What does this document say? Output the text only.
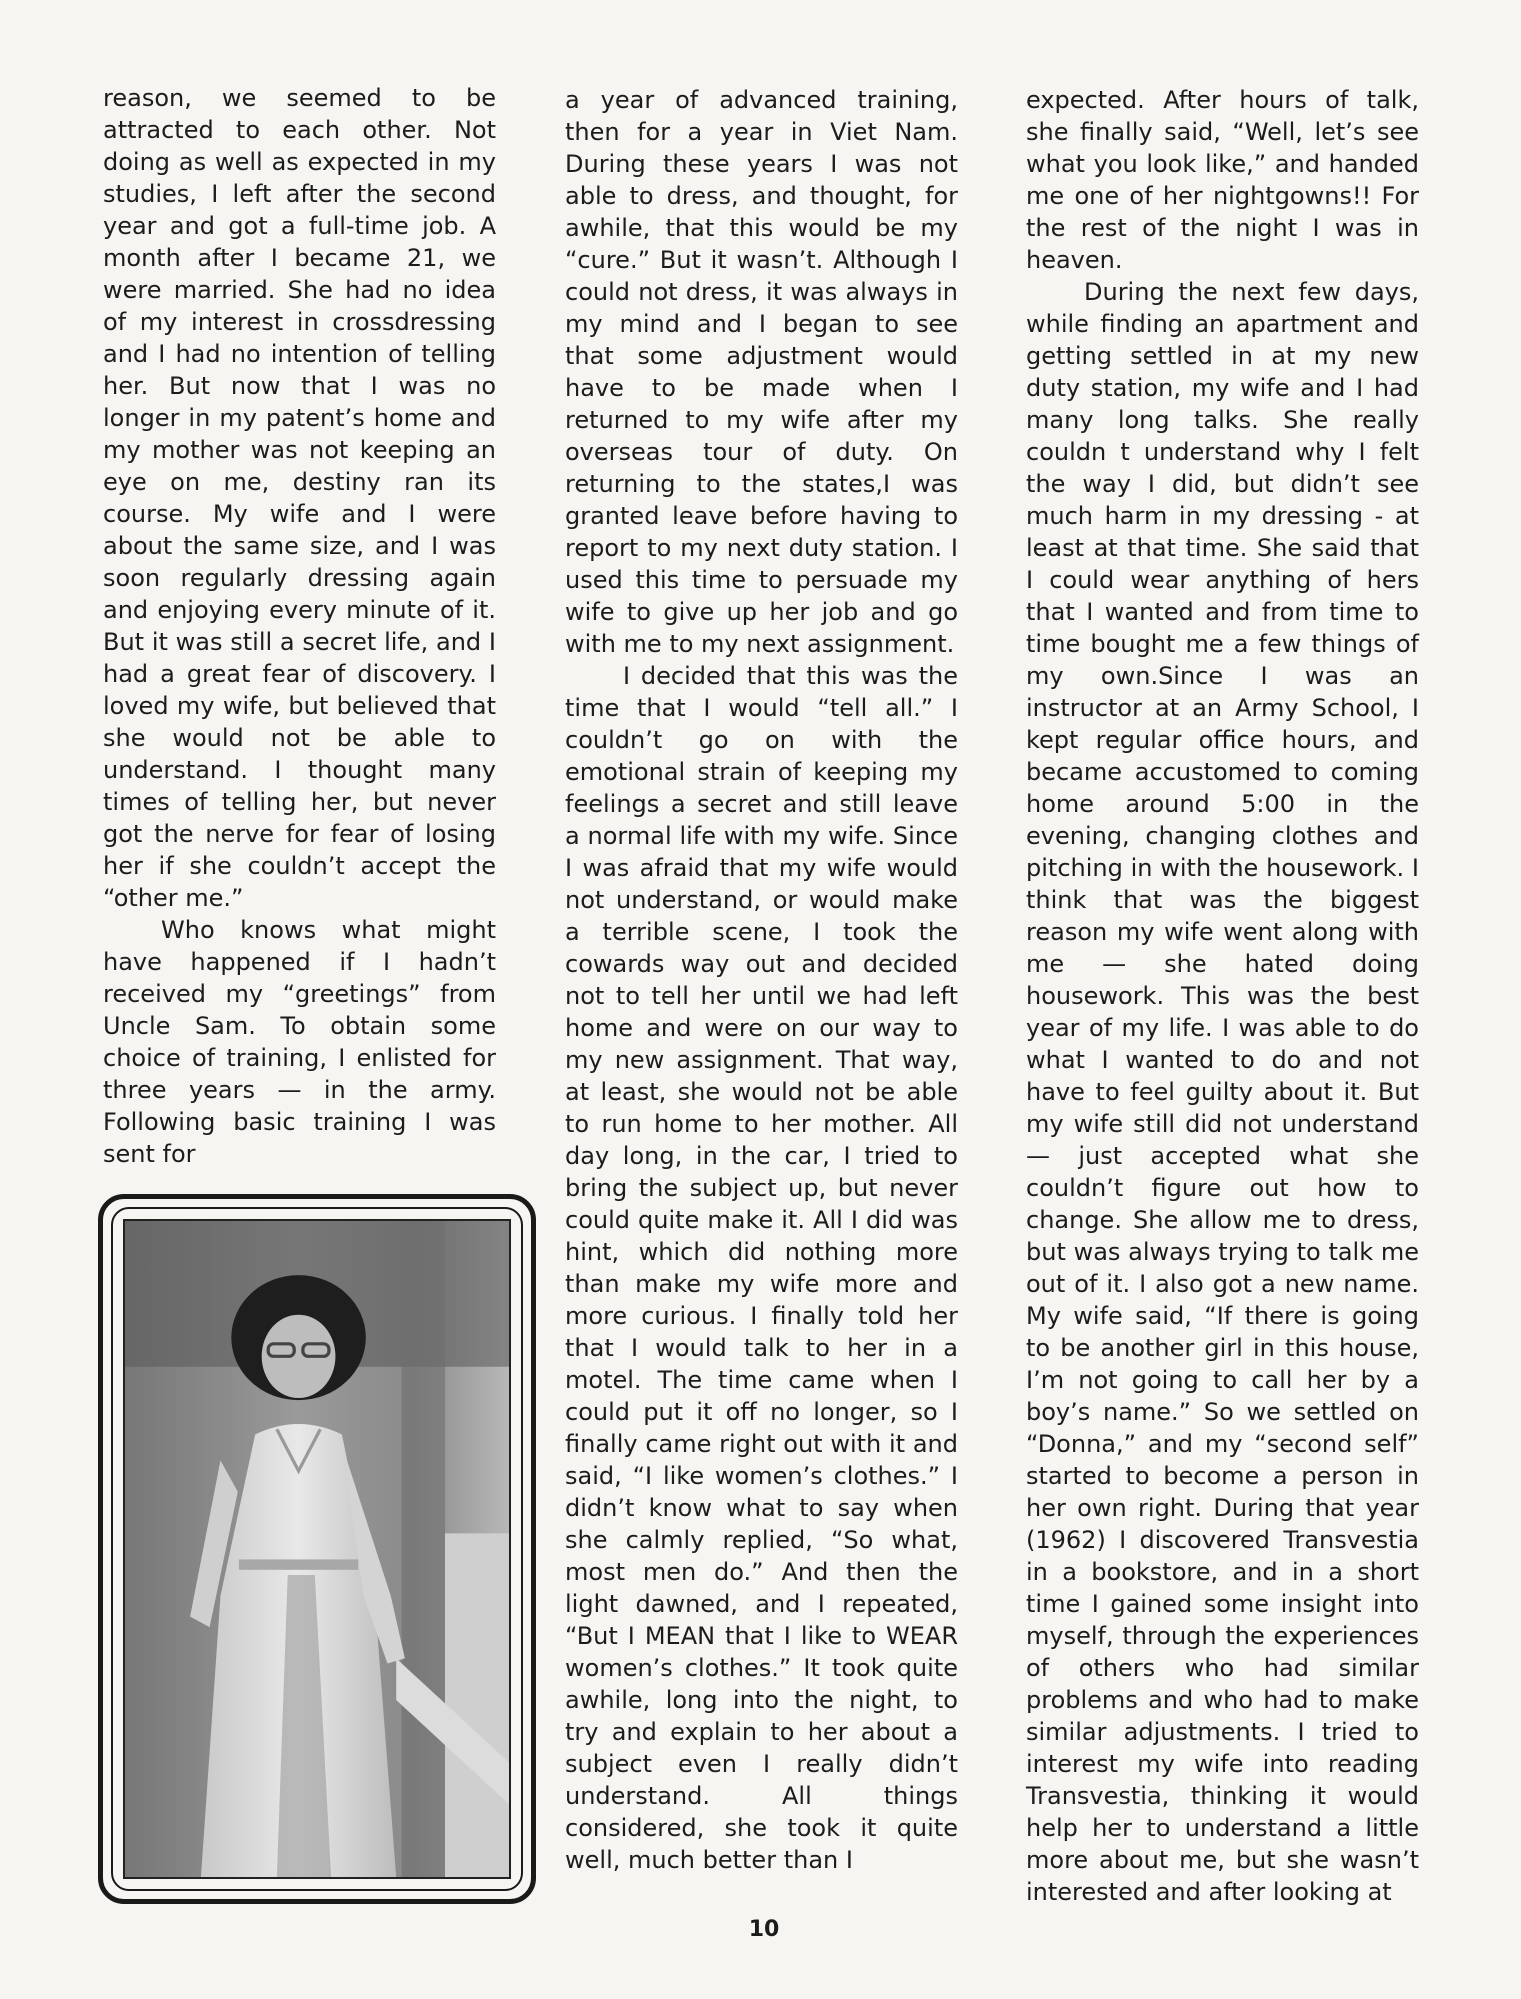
reason, we seemed to be attracted to each other. Not doing as well as expected in my studies, I left after the second year and got a full-time job. A month after I became 21, we were married. She had no idea of my interest in crossdressing and I had no intention of telling her. But now that I was no longer in my patent’s home and my mother was not keeping an eye on me, destiny ran its course. My wife and I were about the same size, and I was soon regularly dressing again and enjoying every minute of it. But it was still a secret life, and I had a great fear of discovery. I loved my wife, but believed that she would not be able to understand. I thought many times of telling her, but never got the nerve for fear of losing her if she couldn’t accept the “other me.”

Who knows what might have happened if I hadn’t received my “greetings” from Uncle Sam. To obtain some choice of training, I enlisted for three years — in the army. Following basic training I was sent for

a year of advanced training, then for a year in Viet Nam. During these years I was not able to dress, and thought, for awhile, that this would be my “cure.” But it wasn’t. Although I could not dress, it was always in my mind and I began to see that some adjustment would have to be made when I returned to my wife after my overseas tour of duty. On returning to the states,I was granted leave before having to report to my next duty station. I used this time to persuade my wife to give up her job and go with me to my next assignment.

I decided that this was the time that I would “tell all.” I couldn’t go on with the emotional strain of keeping my feelings a secret and still leave a normal life with my wife. Since I was afraid that my wife would not understand, or would make a terrible scene, I took the cowards way out and decided not to tell her until we had left home and were on our way to my new assignment. That way, at least, she would not be able to run home to her mother. All day long, in the car, I tried to bring the subject up, but never could quite make it. All I did was hint, which did nothing more than make my wife more and more curious. I finally told her that I would talk to her in a motel. The time came when I could put it off no longer, so I finally came right out with it and said, “I like women’s clothes.” I didn’t know what to say when she calmly replied, “So what, most men do.” And then the light dawned, and I repeated, “But I MEAN that I like to WEAR women’s clothes.” It took quite awhile, long into the night, to try and explain to her about a subject even I really didn’t understand. All things considered, she took it quite well, much better than I

expected. After hours of talk, she finally said, “Well, let’s see what you look like,” and handed me one of her nightgowns!! For the rest of the night I was in heaven.

During the next few days, while finding an apartment and getting settled in at my new duty station, my wife and I had many long talks. She really couldn t understand why I felt the way I did, but didn’t see much harm in my dressing - at least at that time. She said that I could wear anything of hers that I wanted and from time to time bought me a few things of my own.Since I was an instructor at an Army School, I kept regular office hours, and became accustomed to coming home around 5:00 in the evening, changing clothes and pitching in with the housework. I think that was the biggest reason my wife went along with me — she hated doing housework. This was the best year of my life. I was able to do what I wanted to do and not have to feel guilty about it. But my wife still did not understand — just accepted what she couldn’t figure out how to change. She allow me to dress, but was always trying to talk me out of it. I also got a new name. My wife said, “If there is going to be another girl in this house, I’m not going to call her by a boy’s name.” So we settled on “Donna,” and my “second self” started to become a person in her own right. During that year (1962) I discovered Transvestia in a bookstore, and in a short time I gained some insight into myself, through the experiences of others who had similar problems and who had to make similar adjustments. I tried to interest my wife into reading Transvestia, thinking it would help her to understand a little more about me, but she wasn’t interested and after looking at

10
